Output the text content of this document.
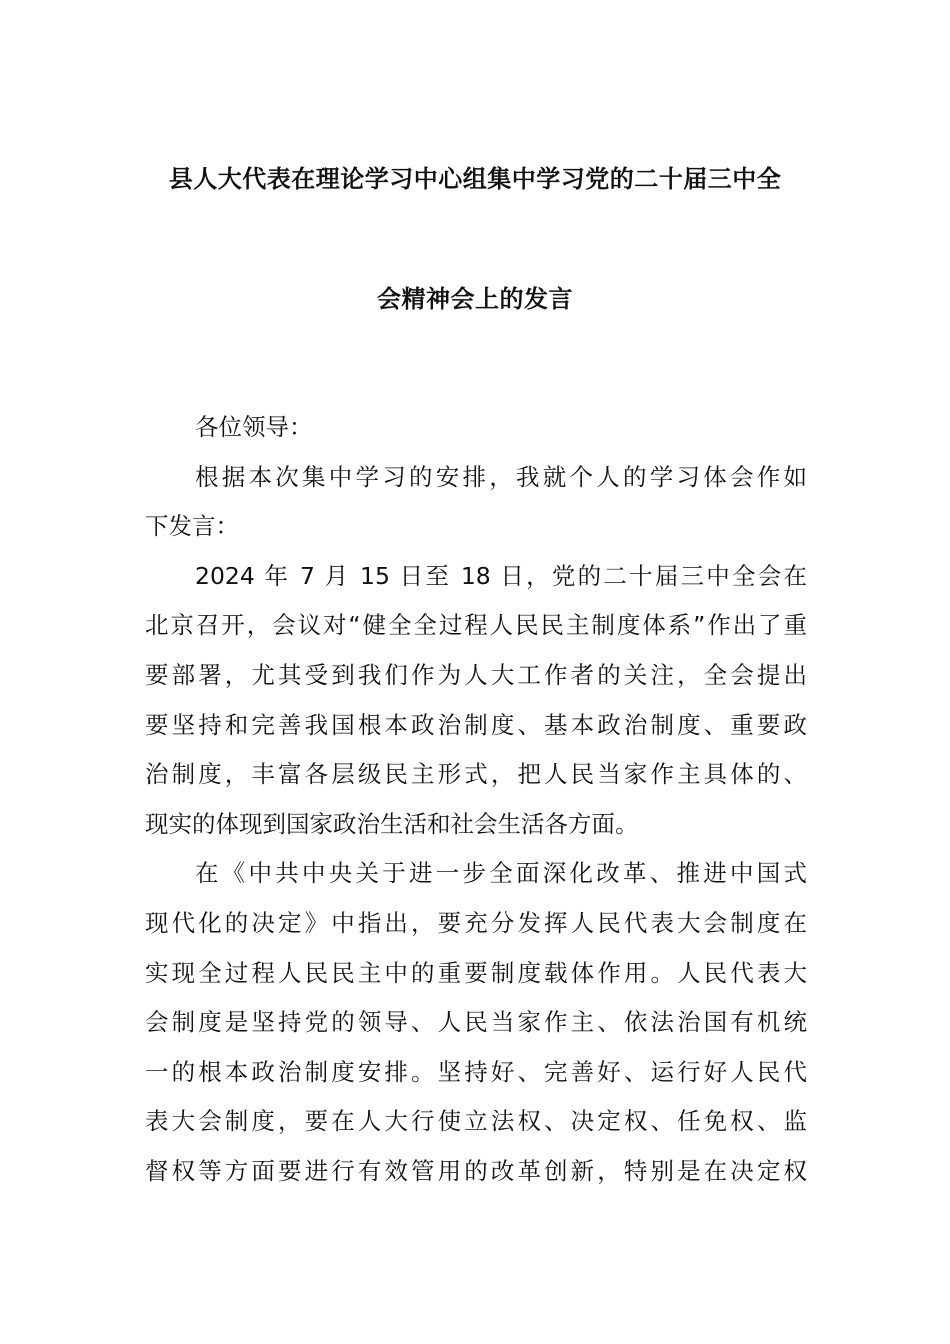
县人大代表在理论学习中心组集中学习党的二十届三中全
会精神会上的发言
各位领导：
根据本次集中学习的安排，我就个人的学习体会作如
下发言：
2024 年 7 月 15 日至 18 日，党的二十届三中全会在
北京召开，会议对“健全全过程人民民主制度体系”作出了重
要部署，尤其受到我们作为人大工作者的关注，全会提出
要坚持和完善我国根本政治制度、基本政治制度、重要政
治制度，丰富各层级民主形式，把人民当家作主具体的、
现实的体现到国家政治生活和社会生活各方面。
在《中共中央关于进一步全面深化改革、推进中国式
现代化的决定》中指出，要充分发挥人民代表大会制度在
实现全过程人民民主中的重要制度载体作用。人民代表大
会制度是坚持党的领导、人民当家作主、依法治国有机统
一的根本政治制度安排。坚持好、完善好、运行好人民代
表大会制度，要在人大行使立法权、决定权、任免权、监
督权等方面要进行有效管用的改革创新，特别是在决定权
